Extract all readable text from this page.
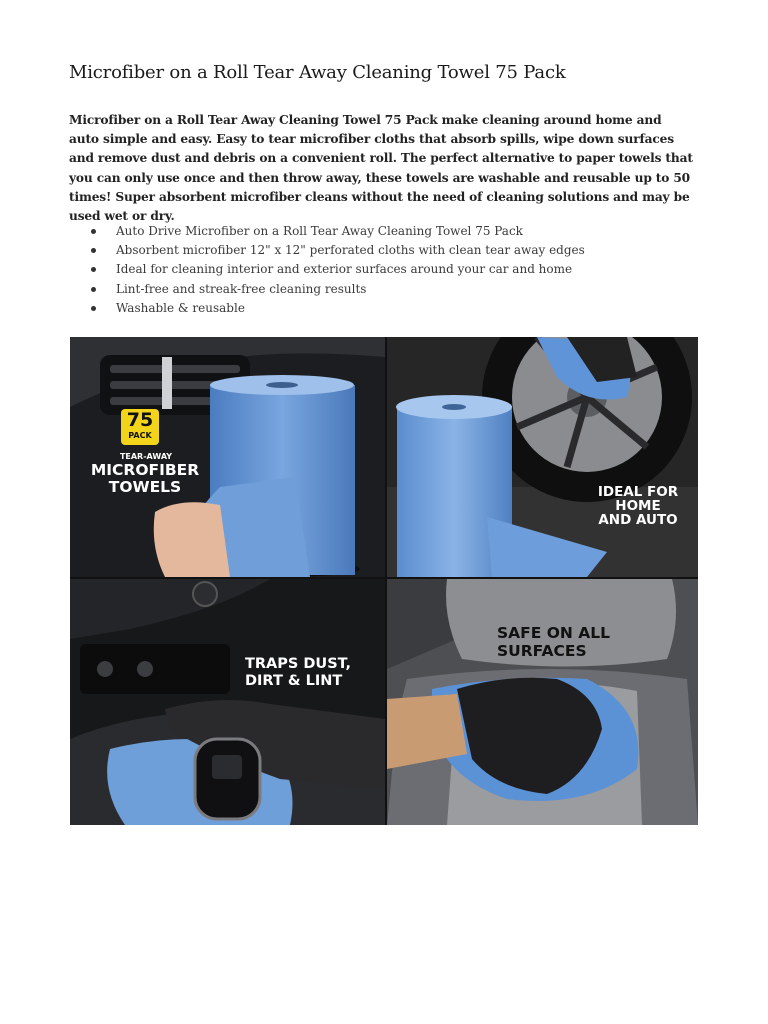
Microfiber on a Roll Tear Away Cleaning Towel 75 Pack

Microfiber on a Roll Tear Away Cleaning Towel 75 Pack make cleaning around home and auto simple and easy. Easy to tear microfiber cloths that absorb spills, wipe down surfaces and remove dust and debris on a convenient roll. The perfect alternative to paper towels that you can only use once and then throw away, these towels are washable and reusable up to 50 times! Super absorbent microfiber cleans without the need of cleaning solutions and may be used wet or dry.

Auto Drive Microfiber on a Roll Tear Away Cleaning Towel 75 Pack
Absorbent microfiber 12" x 12" perforated cloths with clean tear away edges
Ideal for cleaning interior and exterior surfaces around your car and home
Lint-free and streak-free cleaning results
Washable & reusable
75
PACK
TEAR-AWAY
MICROFIBER
TOWELS	IDEAL FOR
HOME
AND AUTO
TRAPS DUST,
DIRT & LINT
SAFE ON ALL
SURFACES
